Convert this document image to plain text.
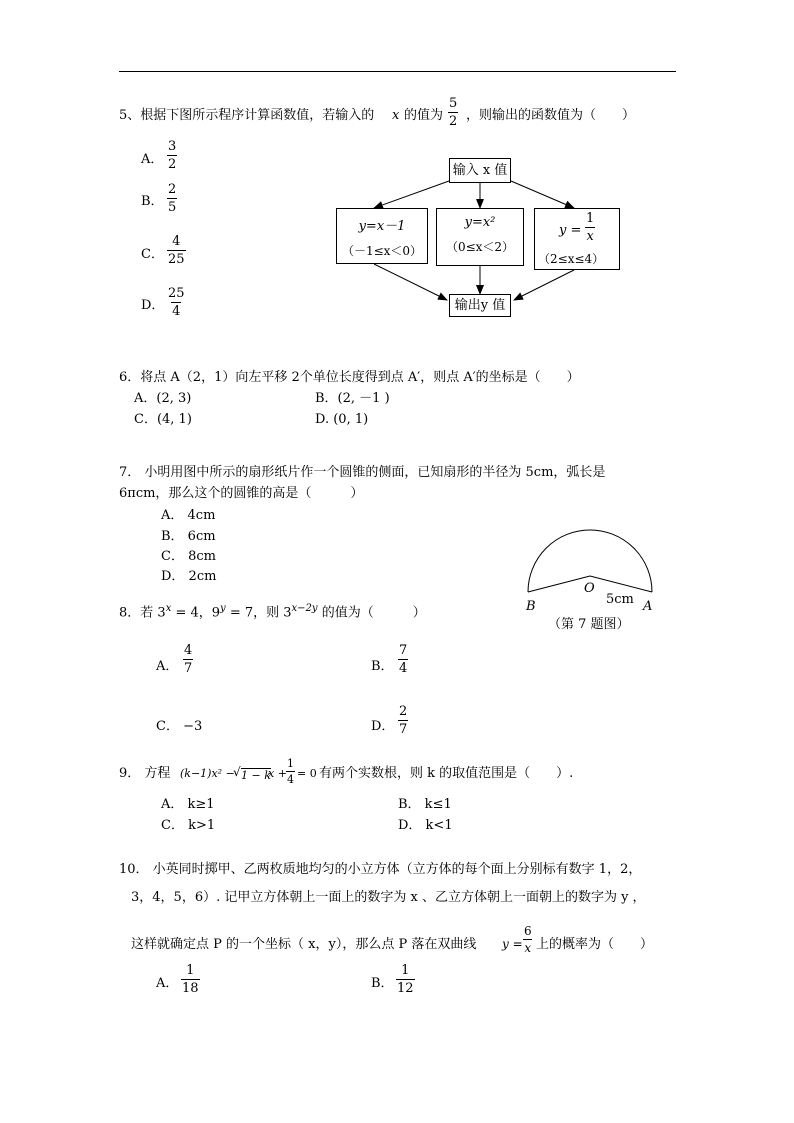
5、根据下图所示程序计算函数值，若输入的 x 的值为 $\frac{5}{2}$ ，则输出的函数值为（　　）
A． $\frac{3}{2}$
B． $\frac{2}{5}$
C． $\frac{4}{25}$
D． $\frac{25}{4}$
输入 x 值
y=x－1
（－1≤x＜0）
y=x²
（0≤x＜2）
$y = \frac{1}{x}$
（2≤x≤4）
输出y 值
6．将点 A（2，1）向左平移 2个单位长度得到点 A′，则点 A′的坐标是（　　）
A．(2, 3)	B．(2, －1 )
C．(4, 1)	D. (0, 1)
7． 小明用图中所示的扇形纸片作一个圆锥的侧面，已知扇形的半径为 5cm，弧长是
6πcm，那么这个的圆锥的高是（　　　）
A． 4cm
B． 6cm
C． 8cm
D． 2cm
O
5cm
B	A
（第 7 题图）
8．若 $3^x = 4$，$9^y = 7$，则 $3^{x-2y}$ 的值为（　　　）
A． $\frac{4}{7}$	B． $\frac{7}{4}$
C． −3	D． $\frac{2}{7}$
9． 方程 (k−1)x² −
√ 1 − k
$x + \frac{1}{4} = 0$ 有两个实数根，则 k 的取值范围是（　　）.
A． k≥1	B． k≤1
C． k>1	D． k<1
10． 小英同时掷甲、乙两枚质地均匀的小立方体（立方体的每个面上分别标有数字 1，2，
3，4，5，6）. 记甲立方体朝上一面上的数字为 x 、乙立方体朝上一面朝上的数字为 y ，
这样就确定点 P 的一个坐标（ x，y），那么点 P 落在双曲线 $y = \frac{6}{x}$ 上的概率为（　　）
A． $\frac{1}{18}$	B． $\frac{1}{12}$
